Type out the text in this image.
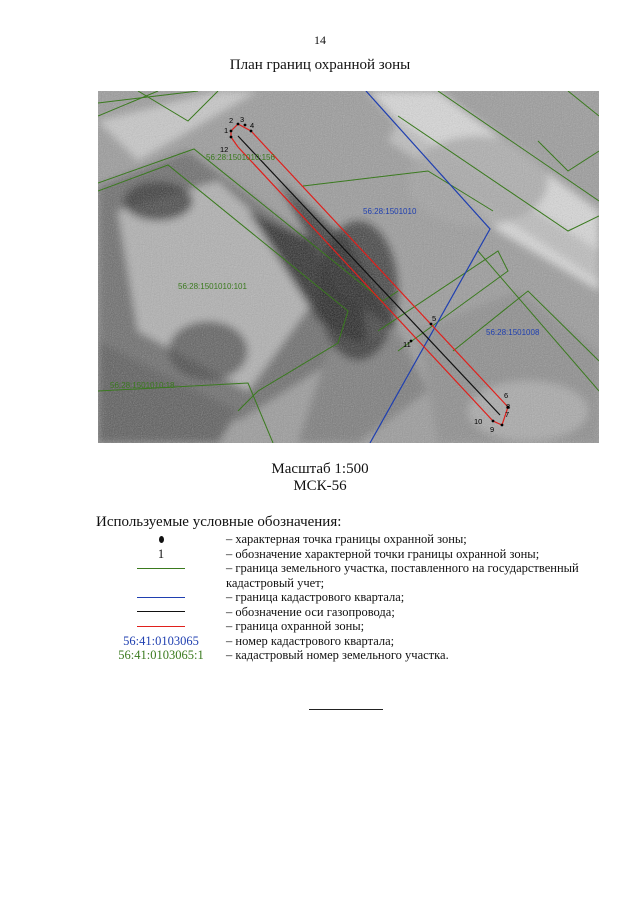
14
План границ охранной зоны
1
2 3
4
5
6
7
8
9
10
11
12
56:28:1501010
56:28:1501008
56:28:1501010:156
56:28:1501010:101
56:28:1501010:18
Масштаб 1:500
МСК-56
Используемые условные обозначения:
– характерная точка границы охранной зоны;
1	– обозначение характерной точки границы охранной зоны;
– граница земельного участка, поставленного на государственный кадастровый учет;
– граница кадастрового квартала;
– обозначение оси газопровода;
– граница охранной зоны;
56:41:0103065 – номер кадастрового квартала;
56:41:0103065:1 – кадастровый номер земельного участка.
